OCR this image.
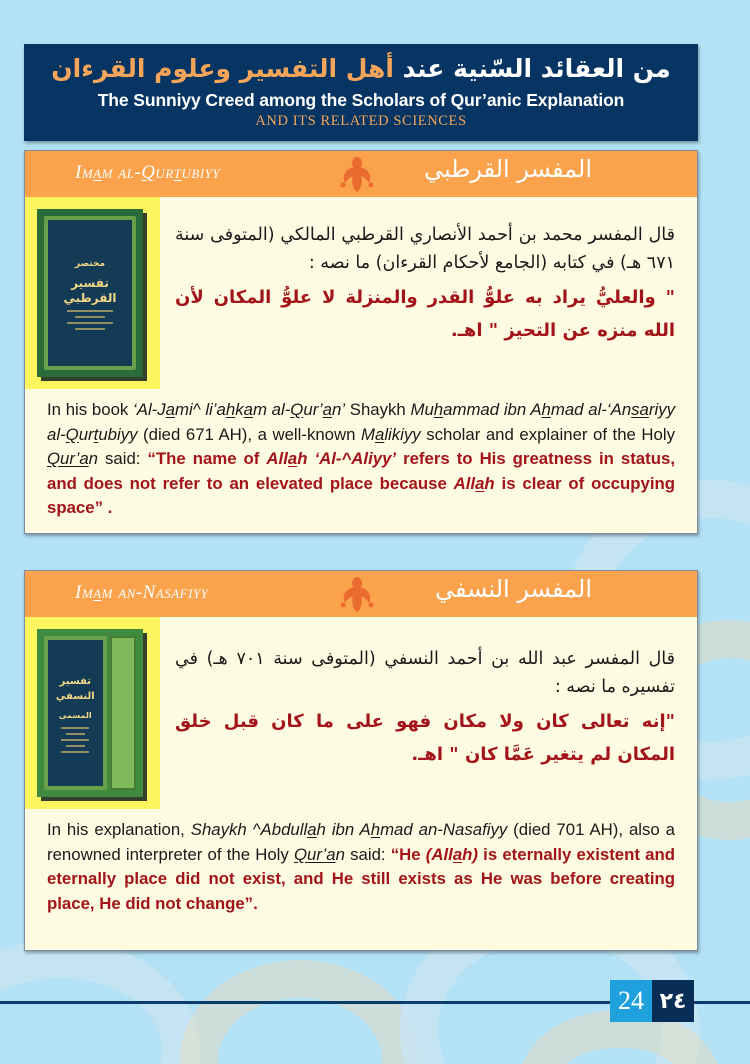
من العقائد السّنية عند أهل التفسير وعلوم القرءان
The Sunniyy Creed among the Scholars of Qur’anic Explanation
AND ITS RELATED SCIENCES
Imam al-Qurtubiyy	المفسر القرطبي
مختصر
تفسير القرطبي
قال المفسر محمد بن أحمد الأنصاري القرطبي المالكي (المتوفى سنة ٦٧١ هـ) في كتابه (الجامع لأحكام القرءان) ما نصه :
" والعليُّ يراد به علوُّ القدر والمنزلة لا علوُّ المكان لأن الله منزه عن التحيز " اهـ.
In his book ‘Al-Jami^ li’ahkam al-Qur’an’ Shaykh Muhammad ibn Ahmad al-‘Ansariyy al-Qurtubiyy (died 671 AH), a well-known Malikiyy scholar and explainer of the Holy Qur’an said: “The name of Allah ‘Al-^Aliyy’ refers to His greatness in status, and does not refer to an elevated place because Allah is clear of occupying space” .
Imam an-Nasafiyy	المفسر النسفي
تفسير النسفي
المسمى
قال المفسر عبد الله بن أحمد النسفي (المتوفى سنة ٧٠١ هـ) في تفسيره ما نصه :
"إنه تعالى كان ولا مكان فهو على ما كان قبل خلق المكان لم يتغير عَمَّا كان " اهـ.
In his explanation, Shaykh ^Abdullah ibn Ahmad an-Nasafiyy (died 701 AH), also a renowned interpreter of the Holy Qur’an said: “He (Allah) is eternally existent and eternally place did not exist, and He still exists as He was before creating place, He did not change”.
24 ٢٤
